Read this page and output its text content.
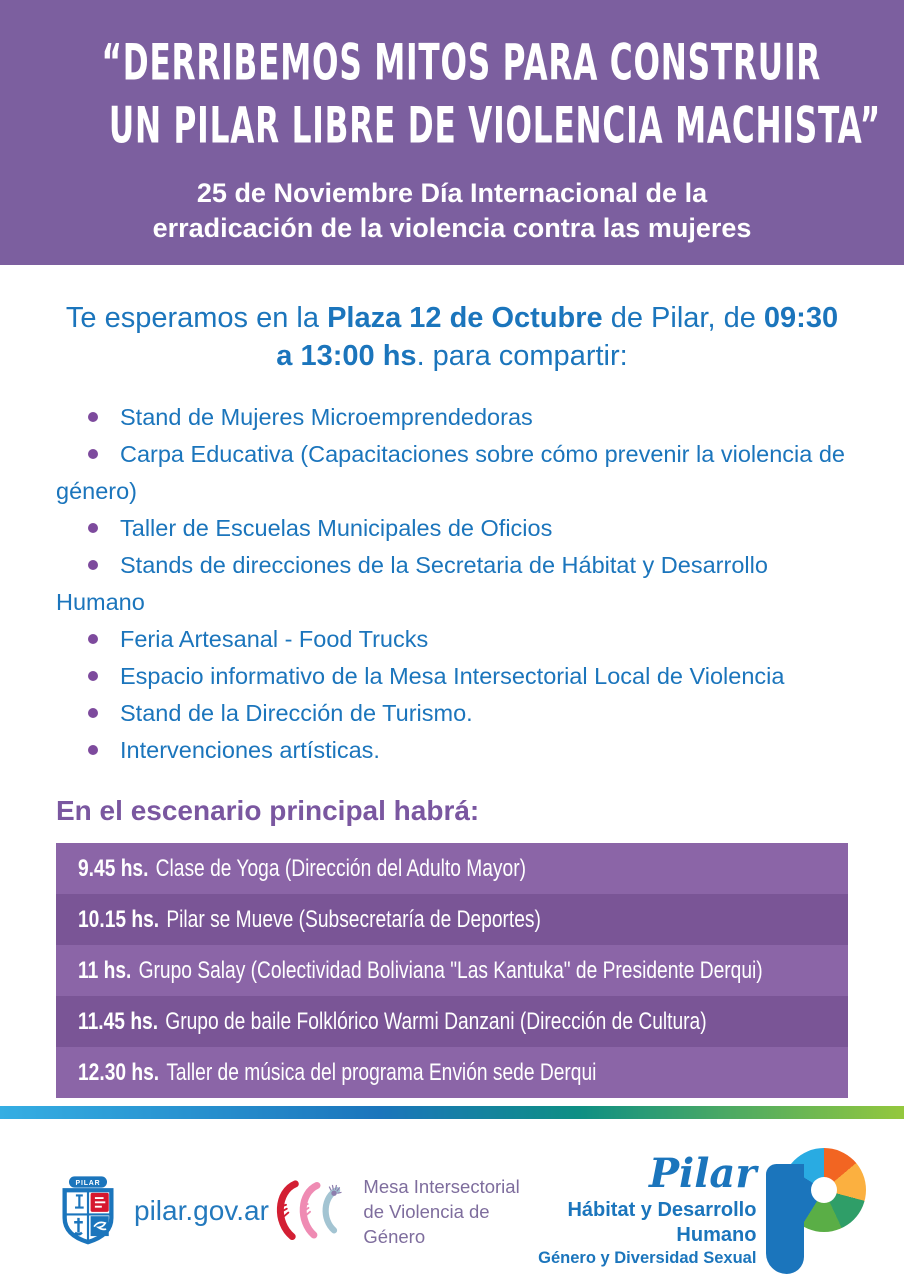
“DERRIBEMOS MITOS PARA CONSTRUIR
UN PILAR LIBRE DE VIOLENCIA MACHISTA”
25 de Noviembre Día Internacional de la
erradicación de la violencia contra las mujeres

Te esperamos en la Plaza 12 de Octubre de Pilar, de 09:30 a 13:00 hs. para compartir:

Stand de Mujeres Microemprendedoras
Carpa Educativa (Capacitaciones sobre cómo prevenir la violencia de género)
Taller de Escuelas Municipales de Oficios
Stands de direcciones de la Secretaria de Hábitat y Desarrollo Humano
Feria Artesanal - Food Trucks
Espacio informativo de la Mesa Intersectorial Local de Violencia
Stand de la Dirección de Turismo.
Intervenciones artísticas.
En el escenario principal habrá:
9.45 hs. Clase de Yoga (Dirección del Adulto Mayor)
10.15 hs. Pilar se Mueve (Subsecretaría de Deportes)
11 hs. Grupo Salay (Colectividad Boliviana "Las Kantuka" de Presidente Derqui)
11.45 hs. Grupo de baile Folklórico Warmi Danzani (Dirección de Cultura)
12.30 hs. Taller de música del programa Envión sede Derqui
PILAR
pilar.gov.ar
Mesa Intersectorial
de Violencia de Género
Pilar
Hábitat y Desarrollo Humano
Género y Diversidad Sexual
